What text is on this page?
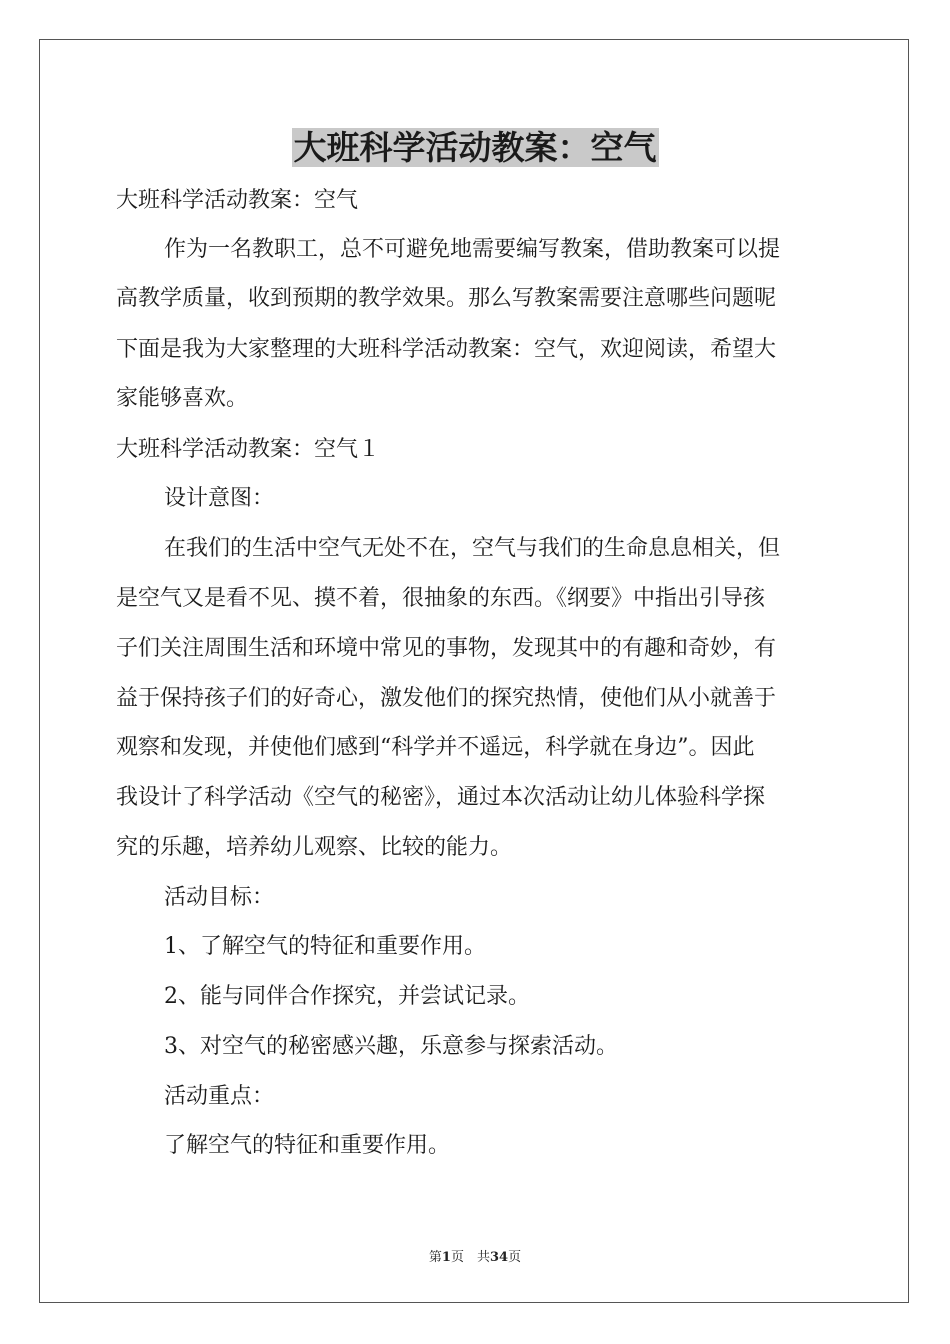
大班科学活动教案：空气

大班科学活动教案：空气

作为一名教职工，总不可避免地需要编写教案，借助教案可以提

高教学质量，收到预期的教学效果。那么写教案需要注意哪些问题呢

下面是我为大家整理的大班科学活动教案：空气，欢迎阅读，希望大

家能够喜欢。

大班科学活动教案：空气１

设计意图：

在我们的生活中空气无处不在，空气与我们的生命息息相关，但

是空气又是看不见、摸不着，很抽象的东西。《纲要》中指出引导孩

子们关注周围生活和环境中常见的事物，发现其中的有趣和奇妙，有

益于保持孩子们的好奇心，激发他们的探究热情，使他们从小就善于

观察和发现，并使他们感到“科学并不遥远，科学就在身边”。因此

我设计了科学活动《空气的秘密》，通过本次活动让幼儿体验科学探

究的乐趣，培养幼儿观察、比较的能力。

活动目标：

1、了解空气的特征和重要作用。

2、能与同伴合作探究，并尝试记录。

3、对空气的秘密感兴趣，乐意参与探索活动。

活动重点：

了解空气的特征和重要作用。

第1页　共34页
